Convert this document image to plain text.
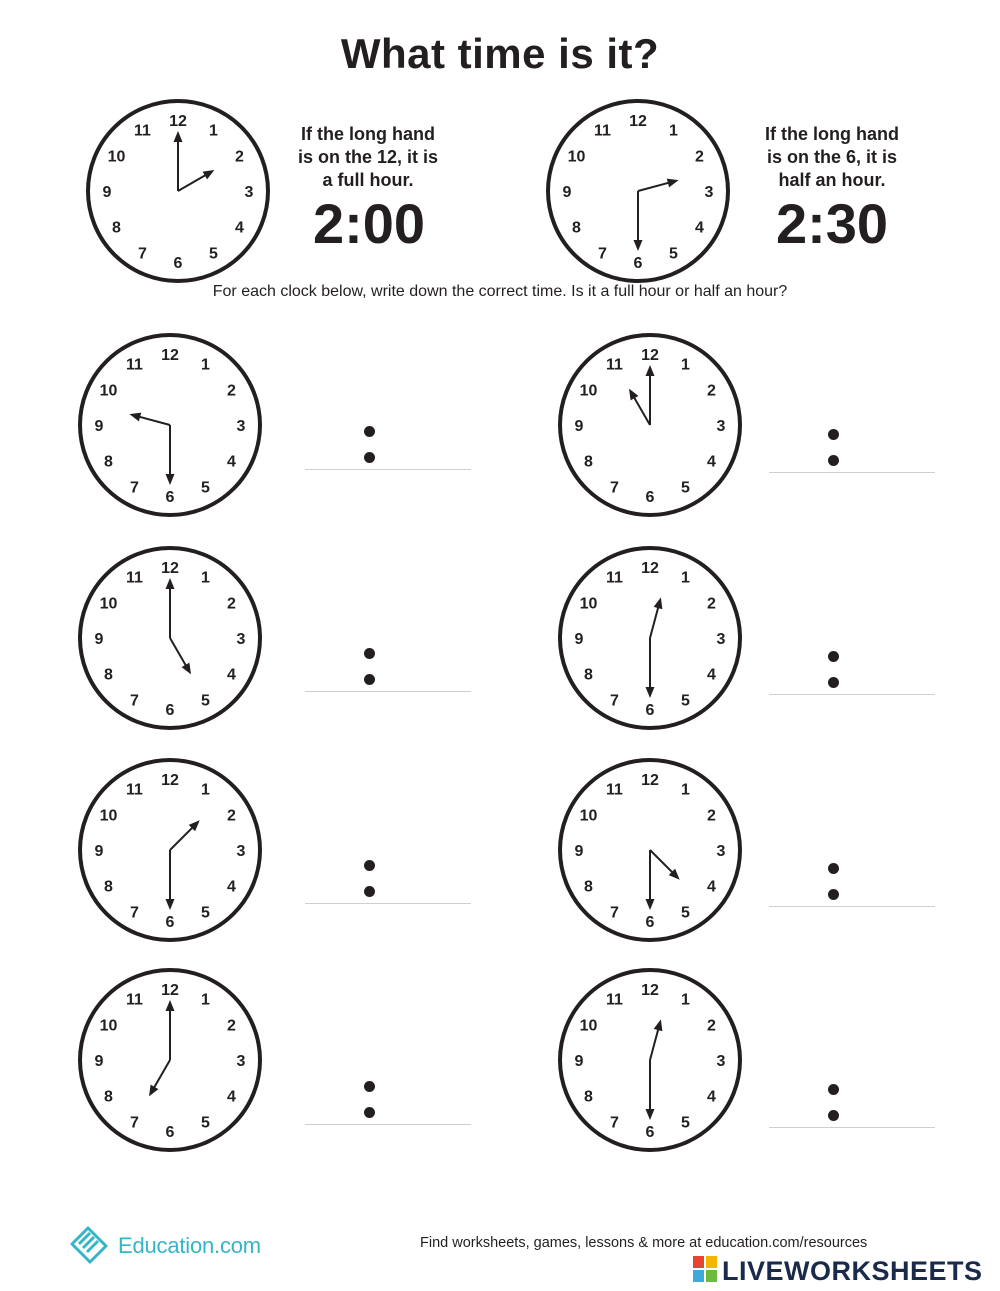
What time is it?
12
1
2
3
4
5
6
7
8
9
10
11	If the long hand
is on the 12, it is
a full hour.
2:00
12
1
2
3
4
5
6
7
8
9
10
11	If the long hand
is on the 6, it is
half an hour.
2:30
For each clock below, write down the correct time. Is it a full hour or half an hour?
12
1
2
3
4
5
6
7
8
9
10
11
12
1
2
3
4
5
6
7
8
9
10
11
12
1
2
3
4
5
6
7
8
9
10
11
12
1
2
3
4
5
6
7
8
9
10
11
12
1
2
3
4
5
6
7
8
9
10
11
12
1
2
3
4
5
6
7
8
9
10
11
12
1
2
3
4
5
6
7
8
9
10
11
12
1
2
3
4
5
6
7
8
9
10
11
Education.com	Find worksheets, games, lessons & more at education.com/resources
LIVEWORKSHEETS
